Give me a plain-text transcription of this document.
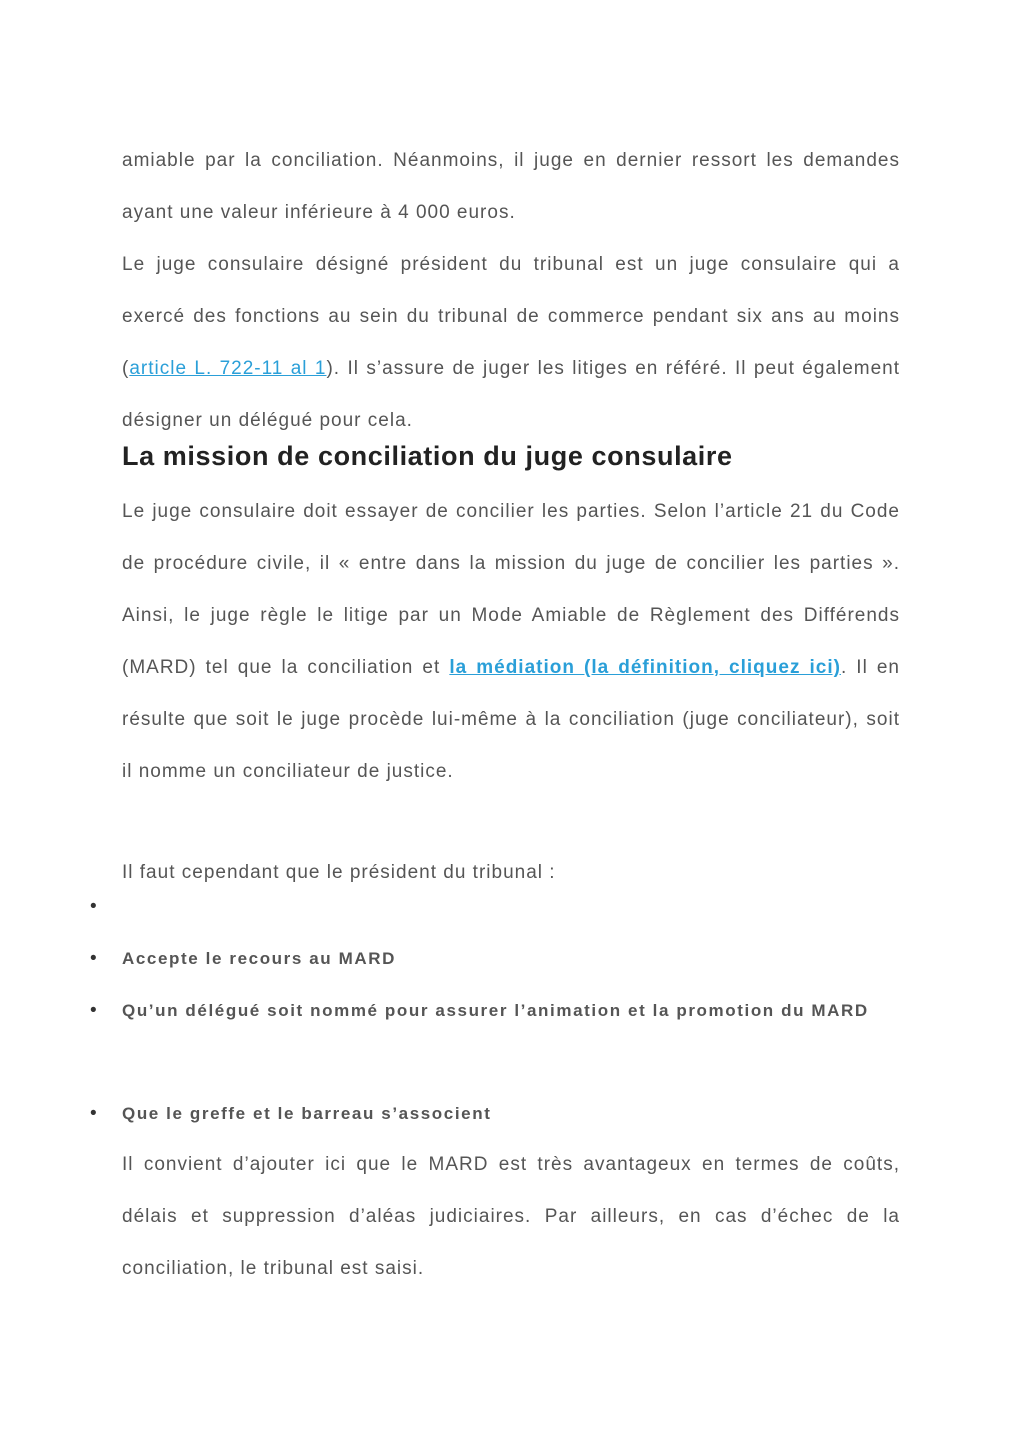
amiable par la conciliation. Néanmoins, il juge en dernier ressort les demandes ayant une valeur inférieure à 4 000 euros.

Le juge consulaire désigné président du tribunal est un juge consulaire qui a exercé des fonctions au sein du tribunal de commerce pendant six ans au moins (article L. 722-11 al 1). Il s’assure de juger les litiges en référé. Il peut également désigner un délégué pour cela.

La mission de conciliation du juge consulaire

Le juge consulaire doit essayer de concilier les parties. Selon l’article 21 du Code de procédure civile, il « entre dans la mission du juge de concilier les parties ». Ainsi, le juge règle le litige par un Mode Amiable de Règlement des Différends (MARD) tel que la conciliation et la médiation (la définition, cliquez ici). Il en résulte que soit le juge procède lui-même à la conciliation (juge conciliateur), soit il nomme un conciliateur de justice.

Il faut cependant que le président du tribunal :

•

• Accepte le recours au MARD

• Qu’un délégué soit nommé pour assurer l’animation et la promotion du MARD

• Que le greffe et le barreau s’associent

Il convient d’ajouter ici que le MARD est très avantageux en termes de coûts, délais et suppression d’aléas judiciaires. Par ailleurs, en cas d’échec de la conciliation, le tribunal est saisi.
